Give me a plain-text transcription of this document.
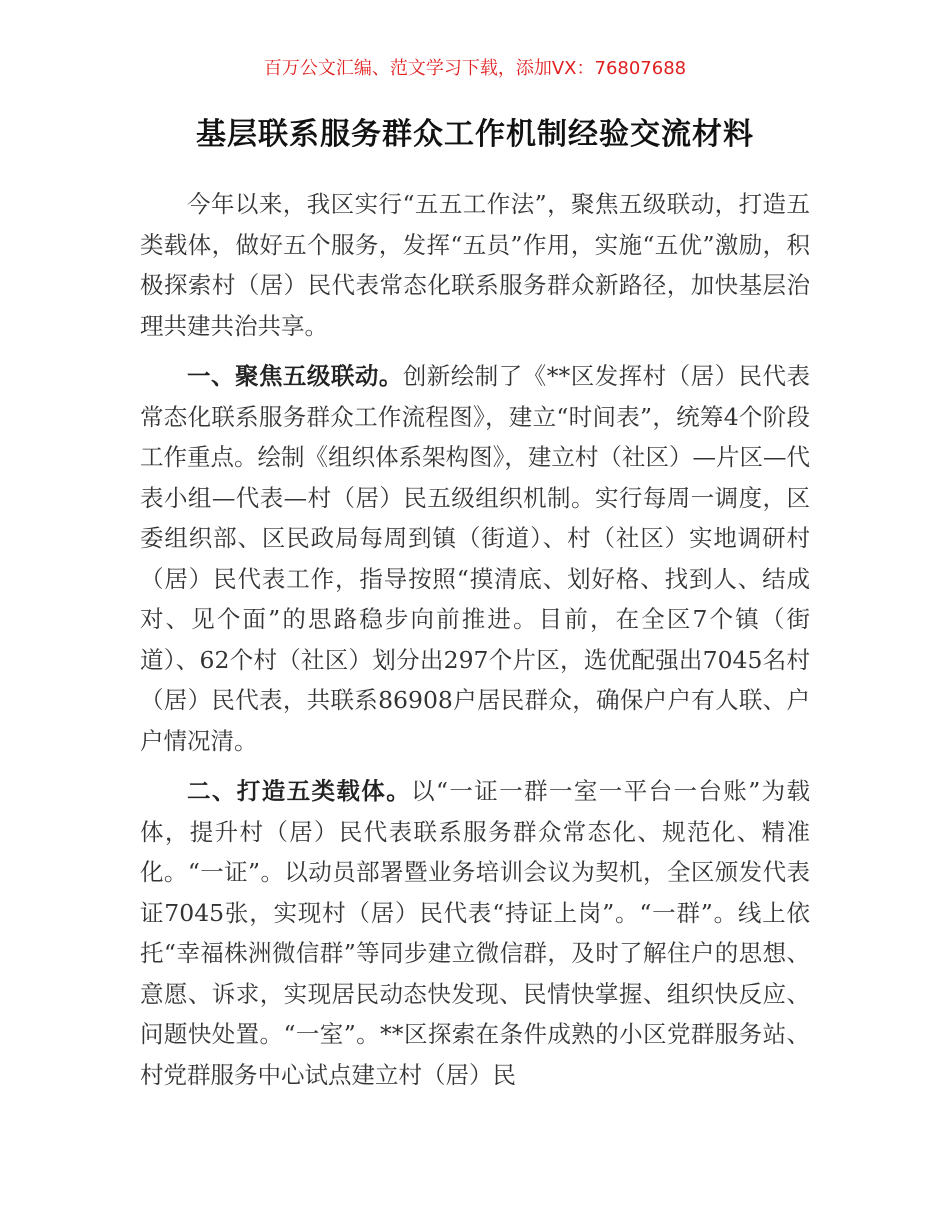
百万公文汇编、范文学习下载，添加VX：76807688
基层联系服务群众工作机制经验交流材料

今年以来，我区实行“五五工作法”，聚焦五级联动，打造五类载体，做好五个服务，发挥“五员”作用，实施“五优”激励，积极探索村（居）民代表常态化联系服务群众新路径，加快基层治理共建共治共享。

一、聚焦五级联动。创新绘制了《**区发挥村（居）民代表常态化联系服务群众工作流程图》，建立“时间表”，统筹4个阶段工作重点。绘制《组织体系架构图》，建立村（社区）—片区—代表小组—代表—村（居）民五级组织机制。实行每周一调度，区委组织部、区民政局每周到镇（街道）、村（社区）实地调研村（居）民代表工作，指导按照“摸清底、划好格、找到人、结成对、见个面”的思路稳步向前推进。目前，在全区7个镇（街道）、62个村（社区）划分出297个片区，选优配强出7045名村（居）民代表，共联系86908户居民群众，确保户户有人联、户户情况清。

二、打造五类载体。以“一证一群一室一平台一台账”为载体，提升村（居）民代表联系服务群众常态化、规范化、精准化。“一证”。以动员部署暨业务培训会议为契机，全区颁发代表证7045张，实现村（居）民代表“持证上岗”。“一群”。线上依托“幸福株洲微信群”等同步建立微信群，及时了解住户的思想、意愿、诉求，实现居民动态快发现、民情快掌握、组织快反应、问题快处置。“一室”。**区探索在条件成熟的小区党群服务站、村党群服务中心试点建立村（居）民
